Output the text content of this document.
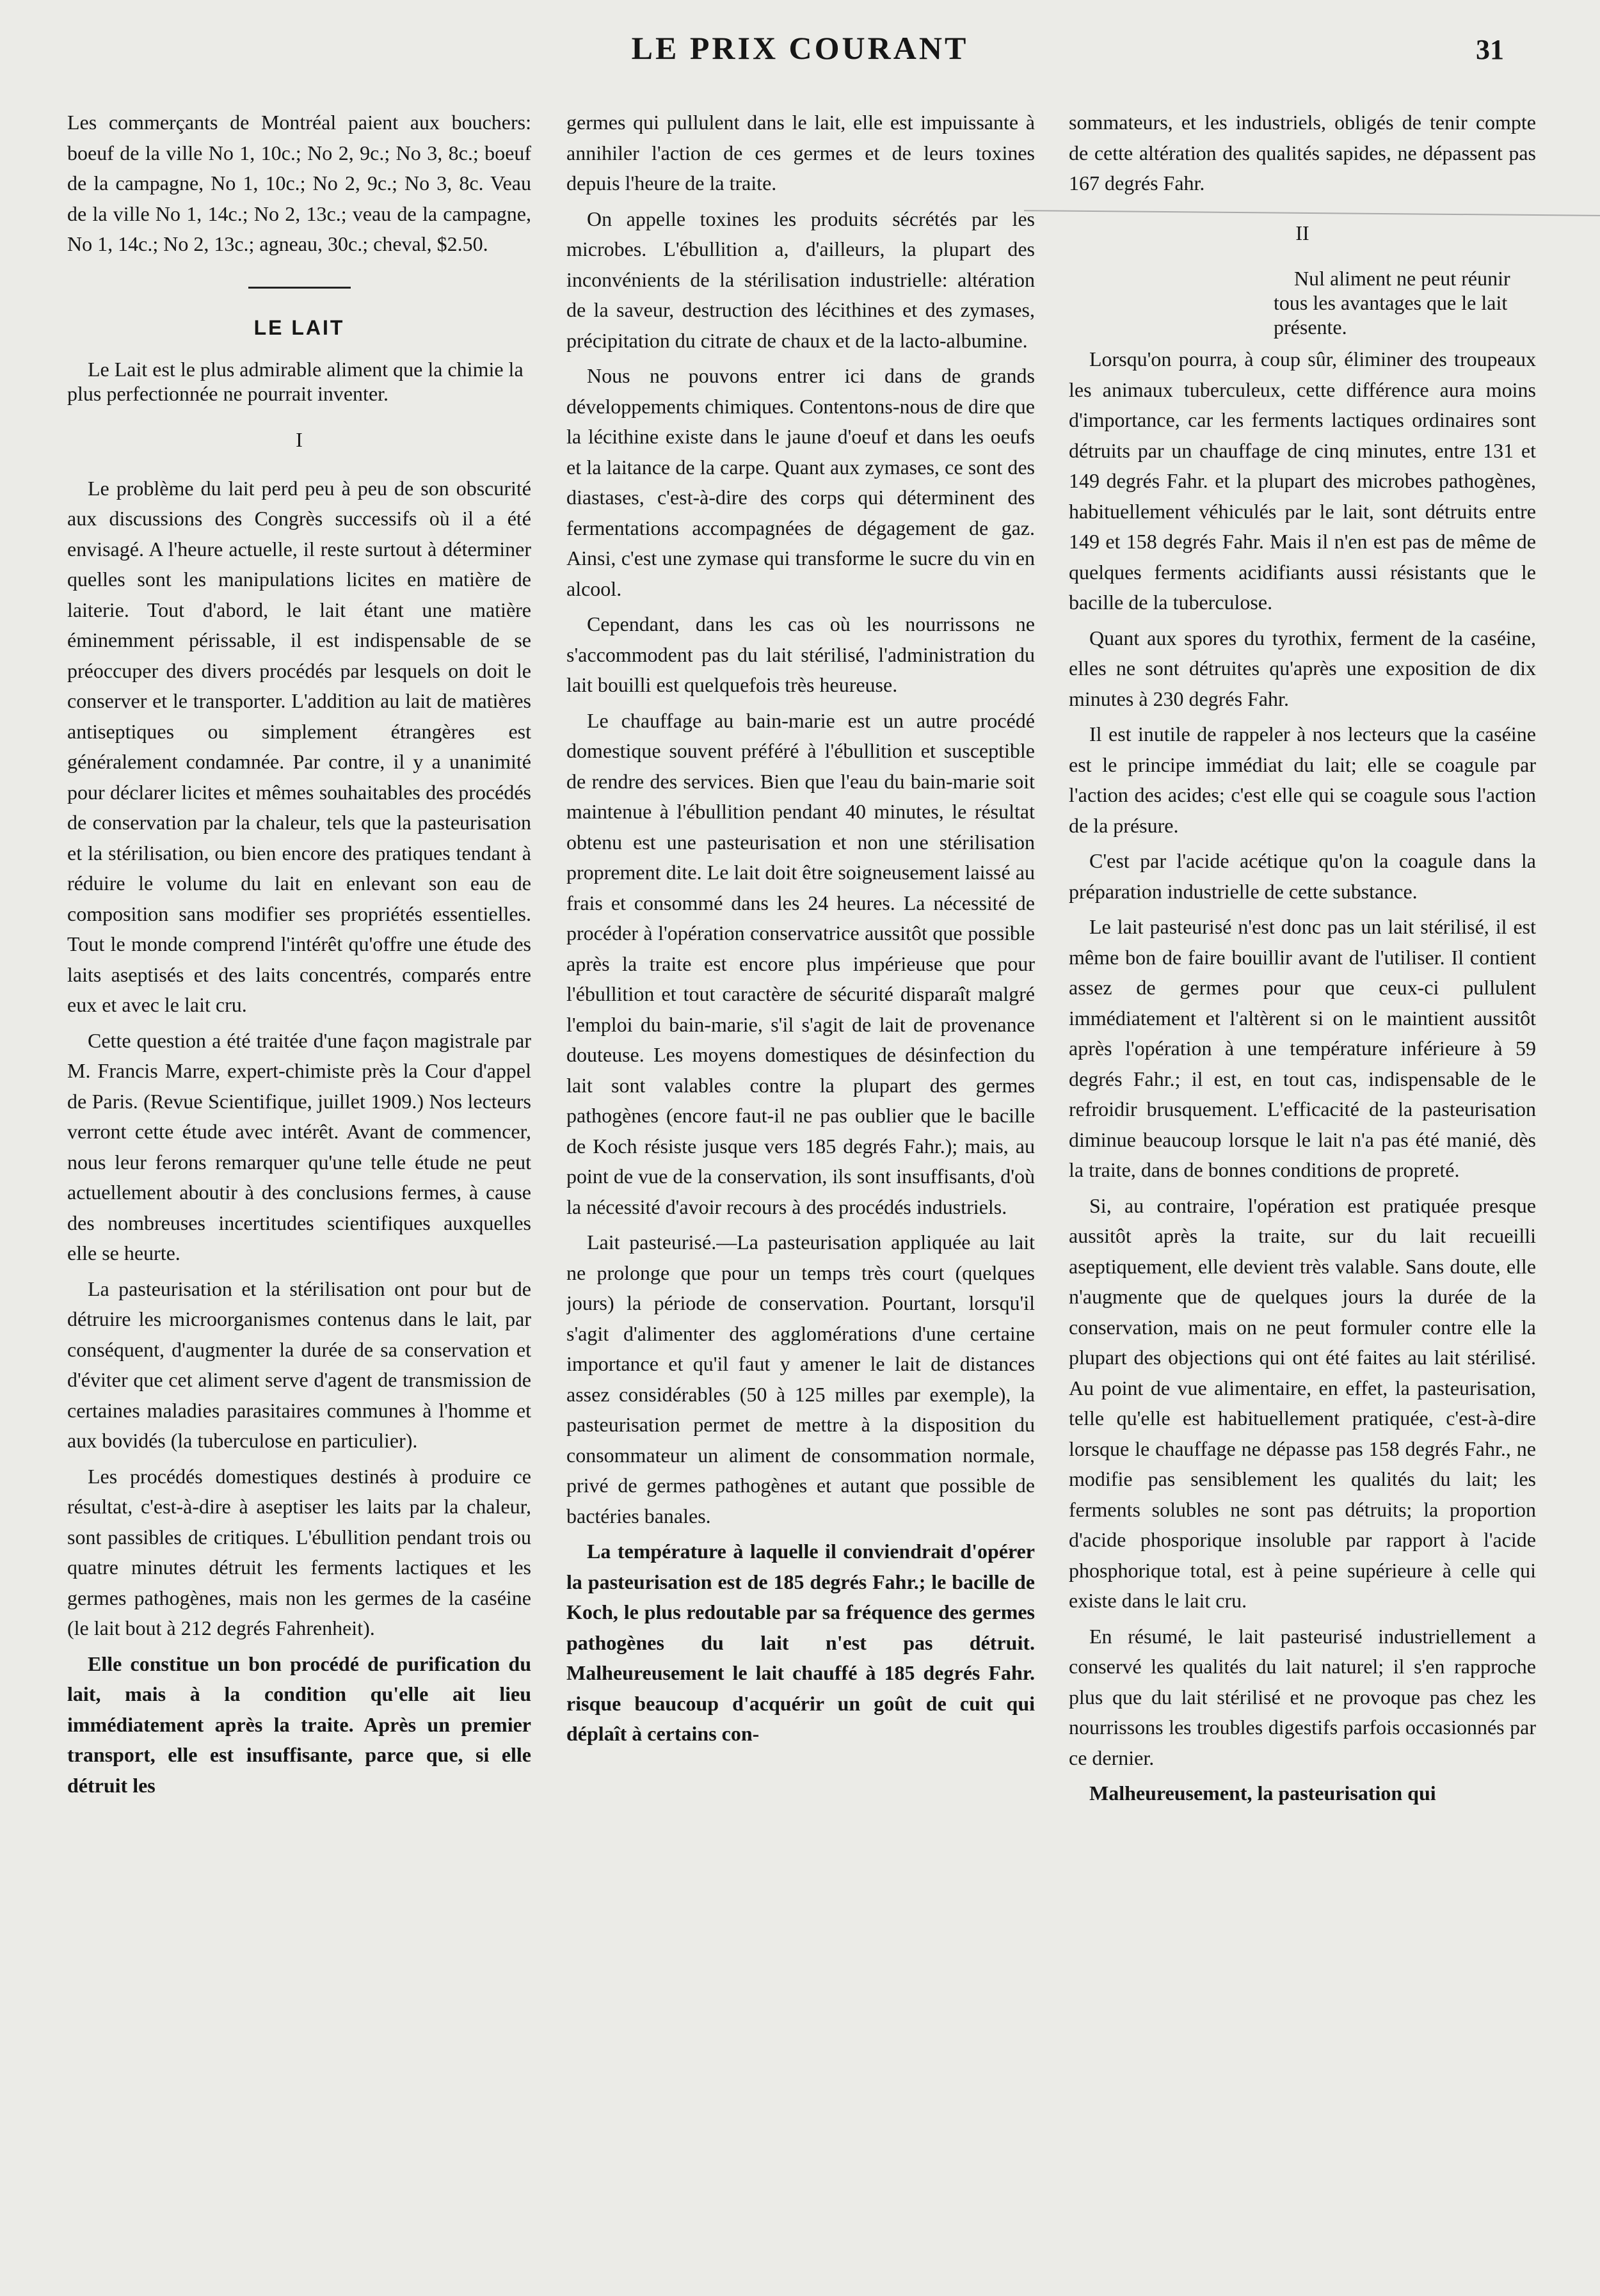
LE PRIX COURANT	31

Les commerçants de Montréal paient aux bouchers: boeuf de la ville No 1, 10c.; No 2, 9c.; No 3, 8c.; boeuf de la campagne, No 1, 10c.; No 2, 9c.; No 3, 8c. Veau de la ville No 1, 14c.; No 2, 13c.; veau de la campagne, No 1, 14c.; No 2, 13c.; agneau, 30c.; cheval, $2.50.

LE LAIT

Le Lait est le plus admirable aliment que la chimie la plus perfectionnée ne pourrait inventer.

I

Le problème du lait perd peu à peu de son obscurité aux discussions des Congrès successifs où il a été envisagé. A l'heure actuelle, il reste surtout à déterminer quelles sont les manipulations licites en matière de laiterie. Tout d'abord, le lait étant une matière éminemment périssable, il est indispensable de se préoccuper des divers procédés par lesquels on doit le conserver et le transporter. L'addition au lait de matières antiseptiques ou simplement étrangères est généralement condamnée. Par contre, il y a unanimité pour déclarer licites et mêmes souhaitables des procédés de conservation par la chaleur, tels que la pasteurisation et la stérilisation, ou bien encore des pratiques tendant à réduire le volume du lait en enlevant son eau de composition sans modifier ses propriétés essentielles. Tout le monde comprend l'intérêt qu'offre une étude des laits aseptisés et des laits concentrés, comparés entre eux et avec le lait cru.

Cette question a été traitée d'une façon magistrale par M. Francis Marre, expert-chimiste près la Cour d'appel de Paris. (Revue Scientifique, juillet 1909.) Nos lecteurs verront cette étude avec intérêt. Avant de commencer, nous leur ferons remarquer qu'une telle étude ne peut actuellement aboutir à des conclusions fermes, à cause des nombreuses incertitudes scientifiques auxquelles elle se heurte.

La pasteurisation et la stérilisation ont pour but de détruire les microorganismes contenus dans le lait, par conséquent, d'augmenter la durée de sa conservation et d'éviter que cet aliment serve d'agent de transmission de certaines maladies parasitaires communes à l'homme et aux bovidés (la tuberculose en particulier).

Les procédés domestiques destinés à produire ce résultat, c'est-à-dire à aseptiser les laits par la chaleur, sont passibles de critiques. L'ébullition pendant trois ou quatre minutes détruit les ferments lactiques et les germes pathogènes, mais non les germes de la caséine (le lait bout à 212 degrés Fahrenheit).

Elle constitue un bon procédé de purification du lait, mais à la condition qu'elle ait lieu immédiatement après la traite. Après un premier transport, elle est insuffisante, parce que, si elle détruit les

germes qui pullulent dans le lait, elle est impuissante à annihiler l'action de ces germes et de leurs toxines depuis l'heure de la traite.

On appelle toxines les produits sécrétés par les microbes. L'ébullition a, d'ailleurs, la plupart des inconvénients de la stérilisation industrielle: altération de la saveur, destruction des lécithines et des zymases, précipitation du citrate de chaux et de la lacto-albumine.

Nous ne pouvons entrer ici dans de grands développements chimiques. Contentons-nous de dire que la lécithine existe dans le jaune d'oeuf et dans les oeufs et la laitance de la carpe. Quant aux zymases, ce sont des diastases, c'est-à-dire des corps qui déterminent des fermentations accompagnées de dégagement de gaz. Ainsi, c'est une zymase qui transforme le sucre du vin en alcool.

Cependant, dans les cas où les nourrissons ne s'accommodent pas du lait stérilisé, l'administration du lait bouilli est quelquefois très heureuse.

Le chauffage au bain-marie est un autre procédé domestique souvent préféré à l'ébullition et susceptible de rendre des services. Bien que l'eau du bain-marie soit maintenue à l'ébullition pendant 40 minutes, le résultat obtenu est une pasteurisation et non une stérilisation proprement dite. Le lait doit être soigneusement laissé au frais et consommé dans les 24 heures. La nécessité de procéder à l'opération conservatrice aussitôt que possible après la traite est encore plus impérieuse que pour l'ébullition et tout caractère de sécurité disparaît malgré l'emploi du bain-marie, s'il s'agit de lait de provenance douteuse. Les moyens domestiques de désinfection du lait sont valables contre la plupart des germes pathogènes (encore faut-il ne pas oublier que le bacille de Koch résiste jusque vers 185 degrés Fahr.); mais, au point de vue de la conservation, ils sont insuffisants, d'où la nécessité d'avoir recours à des procédés industriels.

Lait pasteurisé.—La pasteurisation appliquée au lait ne prolonge que pour un temps très court (quelques jours) la période de conservation. Pourtant, lorsqu'il s'agit d'alimenter des agglomérations d'une certaine importance et qu'il faut y amener le lait de distances assez considérables (50 à 125 milles par exemple), la pasteurisation permet de mettre à la disposition du consommateur un aliment de consommation normale, privé de germes pathogènes et autant que possible de bactéries banales.

La température à laquelle il conviendrait d'opérer la pasteurisation est de 185 degrés Fahr.; le bacille de Koch, le plus redoutable par sa fréquence des germes pathogènes du lait n'est pas détruit. Malheureusement le lait chauffé à 185 degrés Fahr. risque beaucoup d'acquérir un goût de cuit qui déplaît à certains con-

sommateurs, et les industriels, obligés de tenir compte de cette altération des qualités sapides, ne dépassent pas 167 degrés Fahr.

II

Nul aliment ne peut réunir tous les avantages que le lait présente.

Lorsqu'on pourra, à coup sûr, éliminer des troupeaux les animaux tuberculeux, cette différence aura moins d'importance, car les ferments lactiques ordinaires sont détruits par un chauffage de cinq minutes, entre 131 et 149 degrés Fahr. et la plupart des microbes pathogènes, habituellement véhiculés par le lait, sont détruits entre 149 et 158 degrés Fahr. Mais il n'en est pas de même de quelques ferments acidifiants aussi résistants que le bacille de la tuberculose.

Quant aux spores du tyrothix, ferment de la caséine, elles ne sont détruites qu'après une exposition de dix minutes à 230 degrés Fahr.

Il est inutile de rappeler à nos lecteurs que la caséine est le principe immédiat du lait; elle se coagule par l'action des acides; c'est elle qui se coagule sous l'action de la présure.

C'est par l'acide acétique qu'on la coagule dans la préparation industrielle de cette substance.

Le lait pasteurisé n'est donc pas un lait stérilisé, il est même bon de faire bouillir avant de l'utiliser. Il contient assez de germes pour que ceux-ci pullulent immédiatement et l'altèrent si on le maintient aussitôt après l'opération à une température inférieure à 59 degrés Fahr.; il est, en tout cas, indispensable de le refroidir brusquement. L'efficacité de la pasteurisation diminue beaucoup lorsque le lait n'a pas été manié, dès la traite, dans de bonnes conditions de propreté.

Si, au contraire, l'opération est pratiquée presque aussitôt après la traite, sur du lait recueilli aseptiquement, elle devient très valable. Sans doute, elle n'augmente que de quelques jours la durée de la conservation, mais on ne peut formuler contre elle la plupart des objections qui ont été faites au lait stérilisé. Au point de vue alimentaire, en effet, la pasteurisation, telle qu'elle est habituellement pratiquée, c'est-à-dire lorsque le chauffage ne dépasse pas 158 degrés Fahr., ne modifie pas sensiblement les qualités du lait; les ferments solubles ne sont pas détruits; la proportion d'acide phosporique insoluble par rapport à l'acide phosphorique total, est à peine supérieure à celle qui existe dans le lait cru.

En résumé, le lait pasteurisé industriellement a conservé les qualités du lait naturel; il s'en rapproche plus que du lait stérilisé et ne provoque pas chez les nourrissons les troubles digestifs parfois occasionnés par ce dernier.

Malheureusement, la pasteurisation qui
